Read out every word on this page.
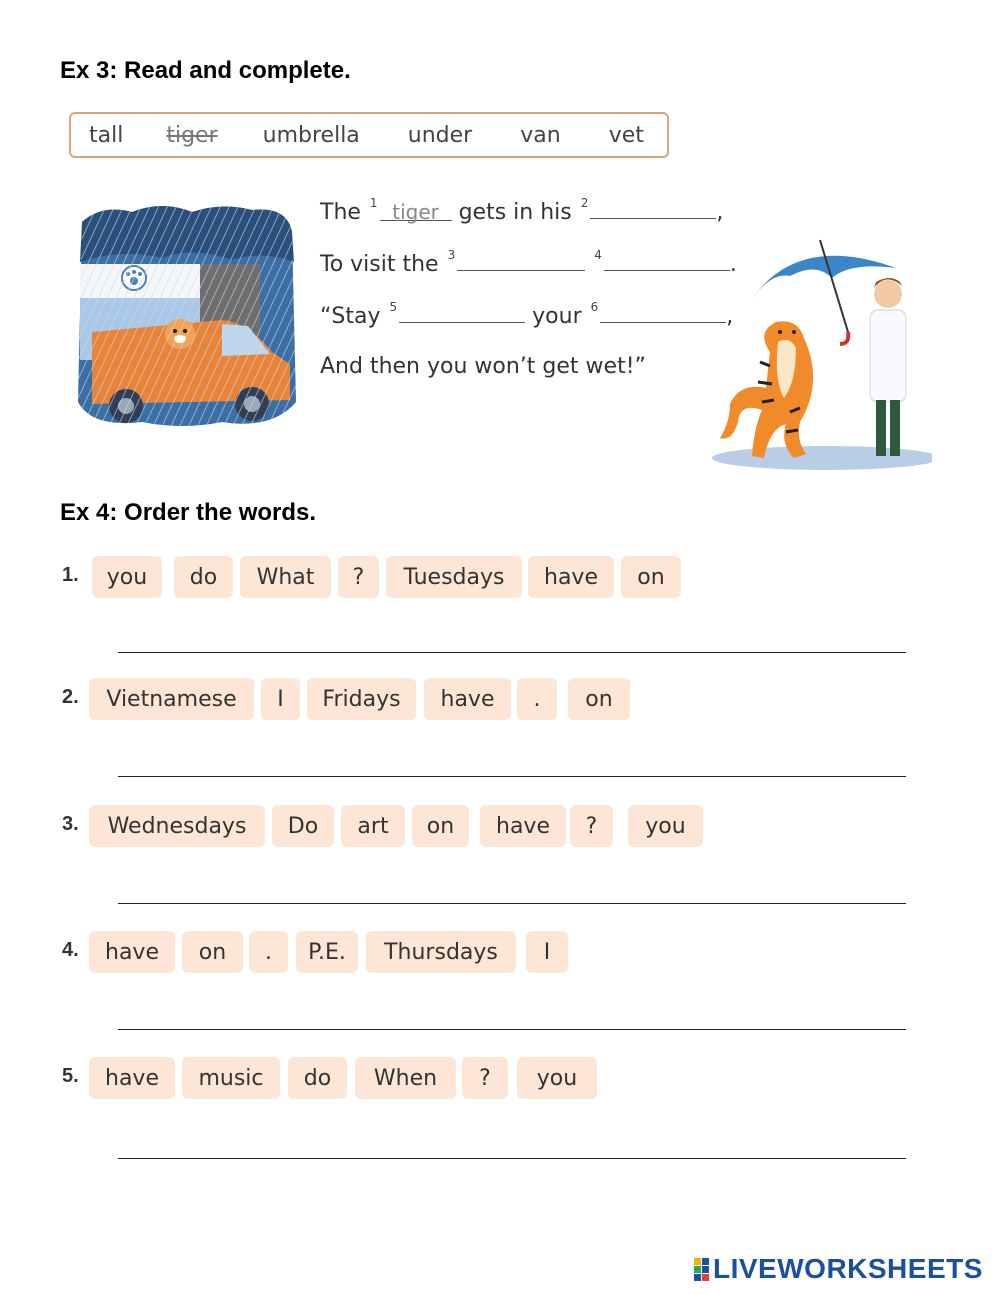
Ex 3: Read and complete.
tall tiger umbrella under van vet
The $^1$ tiger gets in his $^2$	,
To visit the $^3$	$^4$	.
“Stay $^5$	your $^6$	,
And then you won’t get wet!”
Ex 4: Order the words.
1.	you	do	What	?	Tuesdays	have	on
2.	Vietnamese	I	Fridays	have	.	on
3.	Wednesdays	Do	art	on	have	?	you
4.	have	on	.	P.E.	Thursdays	I
5.	have	music	do	When	?	you
LIVEWORKSHEETS
